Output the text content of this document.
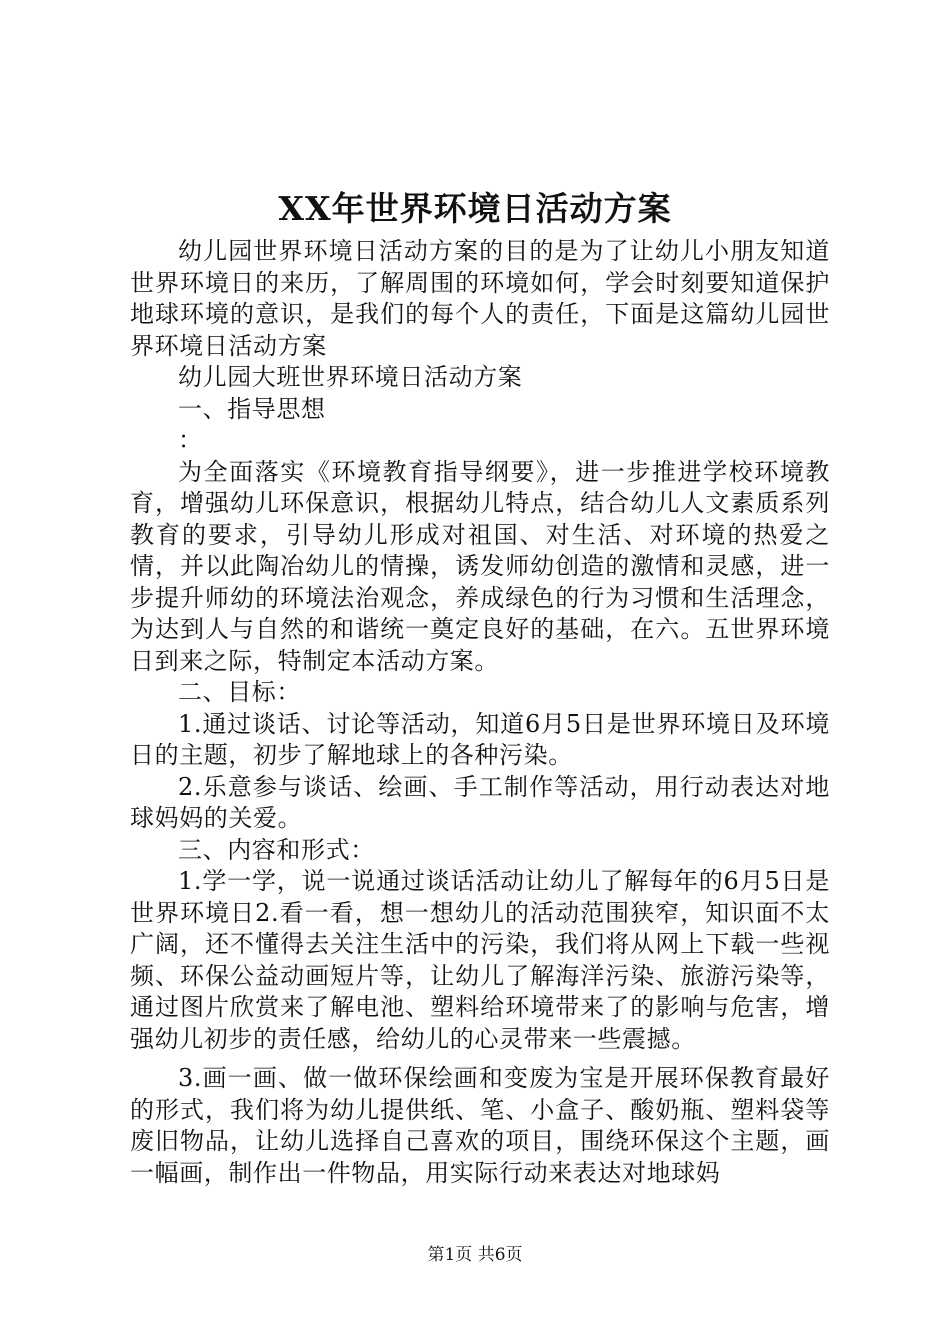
XX年世界环境日活动方案

幼儿园世界环境日活动方案的目的是为了让幼儿小朋友知道世界环境日的来历，了解周围的环境如何，学会时刻要知道保护地球环境的意识，是我们的每个人的责任，下面是这篇幼儿园世界环境日活动方案

幼儿园大班世界环境日活动方案

一、指导思想

：

为全面落实《环境教育指导纲要》，进一步推进学校环境教育，增强幼儿环保意识，根据幼儿特点，结合幼儿人文素质系列教育的要求，引导幼儿形成对祖国、对生活、对环境的热爱之情，并以此陶冶幼儿的情操，诱发师幼创造的激情和灵感，进一步提升师幼的环境法治观念，养成绿色的行为习惯和生活理念，为达到人与自然的和谐统一奠定良好的基础，在六。五世界环境日到来之际，特制定本活动方案。

二、目标：

1.通过谈话、讨论等活动，知道6月5日是世界环境日及环境日的主题，初步了解地球上的各种污染。

2.乐意参与谈话、绘画、手工制作等活动，用行动表达对地球妈妈的关爱。

三、内容和形式：

1.学一学，说一说通过谈话活动让幼儿了解每年的6月5日是世界环境日2.看一看，想一想幼儿的活动范围狭窄，知识面不太广阔，还不懂得去关注生活中的污染，我们将从网上下载一些视频、环保公益动画短片等，让幼儿了解海洋污染、旅游污染等，通过图片欣赏来了解电池、塑料给环境带来了的影响与危害，增强幼儿初步的责任感，给幼儿的心灵带来一些震撼。

3.画一画、做一做环保绘画和变废为宝是开展环保教育最好的形式，我们将为幼儿提供纸、笔、小盒子、酸奶瓶、塑料袋等废旧物品，让幼儿选择自己喜欢的项目，围绕环保这个主题，画一幅画，制作出一件物品，用实际行动来表达对地球妈

第1页 共6页
